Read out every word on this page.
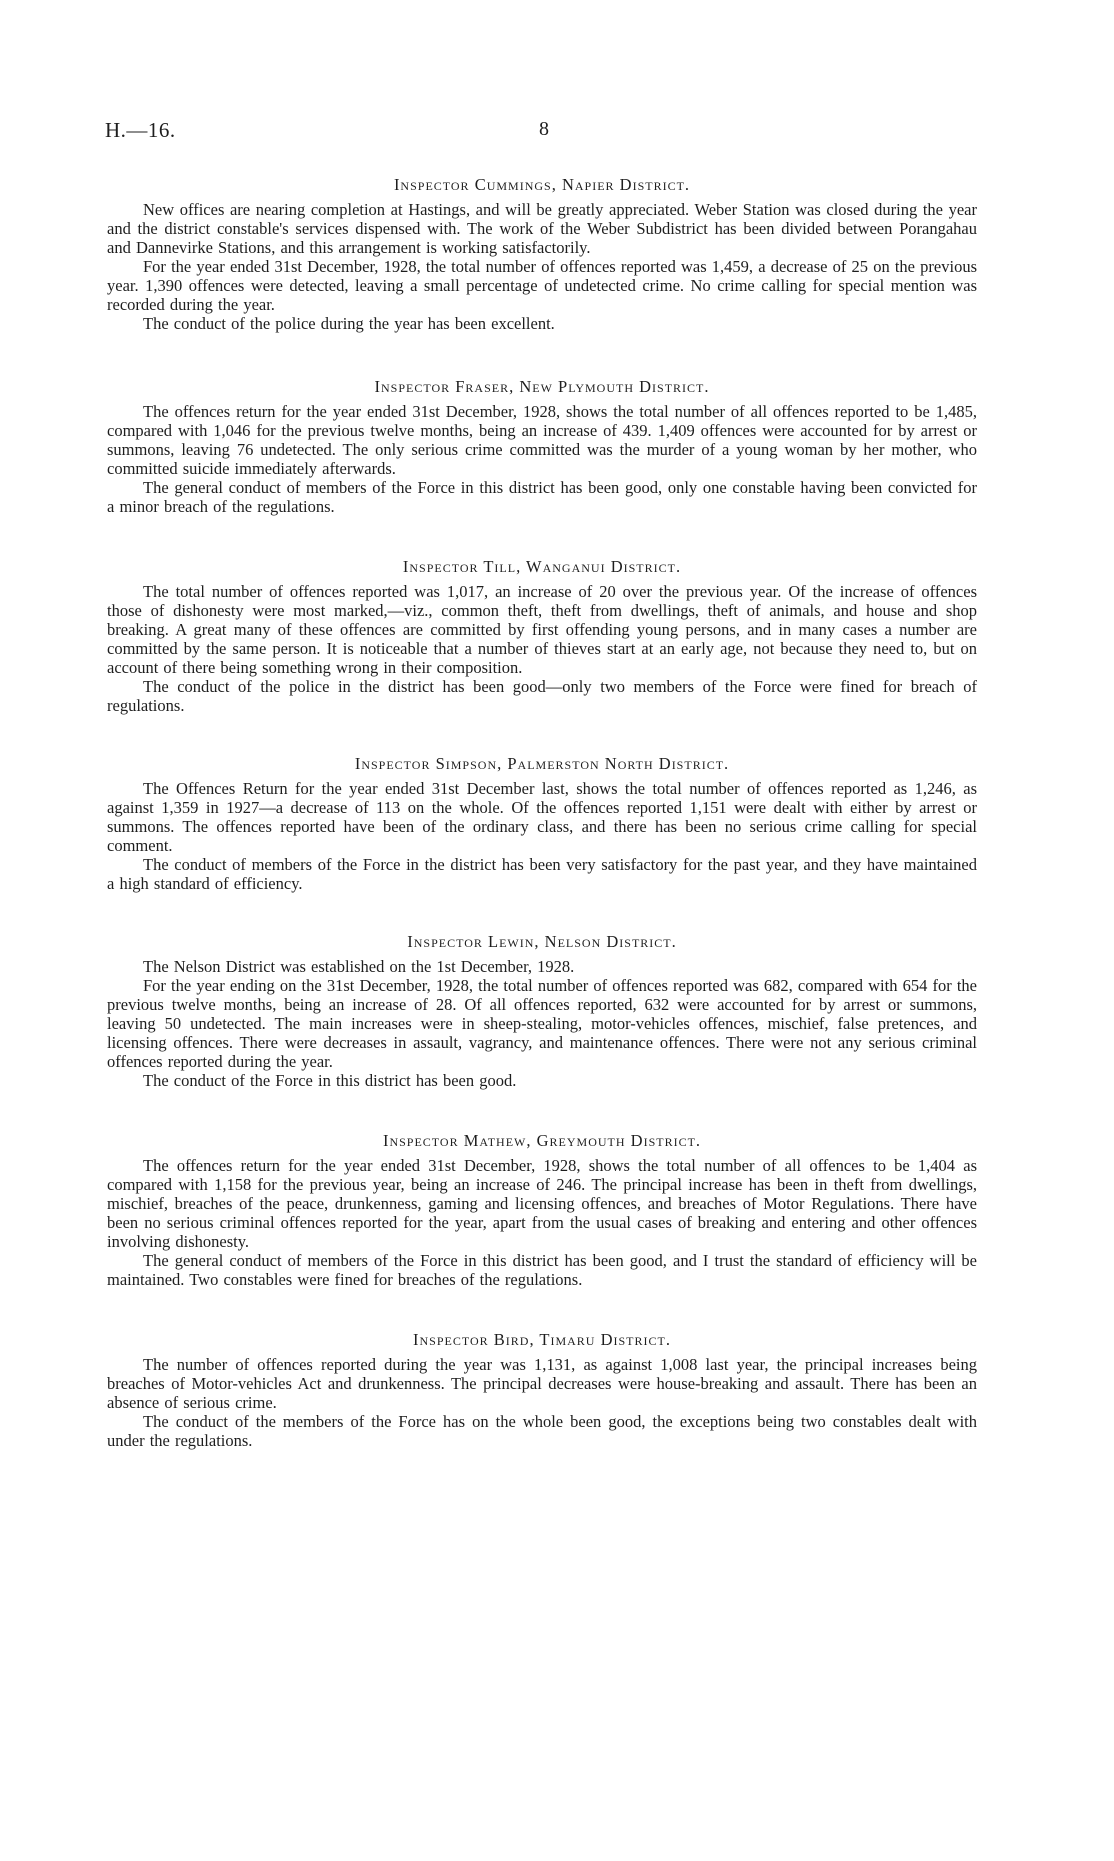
H.—16.	8
Inspector Cummings, Napier District.

New offices are nearing completion at Hastings, and will be greatly appreciated. Weber Station was closed during the year and the district constable's services dispensed with. The work of the Weber Subdistrict has been divided between Porangahau and Dannevirke Stations, and this arrangement is working satisfactorily.

For the year ended 31st December, 1928, the total number of offences reported was 1,459, a decrease of 25 on the previous year. 1,390 offences were detected, leaving a small percentage of undetected crime. No crime calling for special mention was recorded during the year.

The conduct of the police during the year has been excellent.

Inspector Fraser, New Plymouth District.

The offences return for the year ended 31st December, 1928, shows the total number of all offences reported to be 1,485, compared with 1,046 for the previous twelve months, being an increase of 439. 1,409 offences were accounted for by arrest or summons, leaving 76 undetected. The only serious crime committed was the murder of a young woman by her mother, who committed suicide immediately afterwards.

The general conduct of members of the Force in this district has been good, only one constable having been convicted for a minor breach of the regulations.

Inspector Till, Wanganui District.

The total number of offences reported was 1,017, an increase of 20 over the previous year. Of the increase of offences those of dishonesty were most marked,—viz., common theft, theft from dwellings, theft of animals, and house and shop breaking. A great many of these offences are committed by first offending young persons, and in many cases a number are committed by the same person. It is noticeable that a number of thieves start at an early age, not because they need to, but on account of there being something wrong in their composition.

The conduct of the police in the district has been good—only two members of the Force were fined for breach of regulations.

Inspector Simpson, Palmerston North District.

The Offences Return for the year ended 31st December last, shows the total number of offences reported as 1,246, as against 1,359 in 1927—a decrease of 113 on the whole. Of the offences reported 1,151 were dealt with either by arrest or summons. The offences reported have been of the ordinary class, and there has been no serious crime calling for special comment.

The conduct of members of the Force in the district has been very satisfactory for the past year, and they have maintained a high standard of efficiency.

Inspector Lewin, Nelson District.

The Nelson District was established on the 1st December, 1928.

For the year ending on the 31st December, 1928, the total number of offences reported was 682, compared with 654 for the previous twelve months, being an increase of 28. Of all offences reported, 632 were accounted for by arrest or summons, leaving 50 undetected. The main increases were in sheep-stealing, motor-vehicles offences, mischief, false pretences, and licensing offences. There were decreases in assault, vagrancy, and maintenance offences. There were not any serious criminal offences reported during the year.

The conduct of the Force in this district has been good.

Inspector Mathew, Greymouth District.

The offences return for the year ended 31st December, 1928, shows the total number of all offences to be 1,404 as compared with 1,158 for the previous year, being an increase of 246. The principal increase has been in theft from dwellings, mischief, breaches of the peace, drunkenness, gaming and licensing offences, and breaches of Motor Regulations. There have been no serious criminal offences reported for the year, apart from the usual cases of breaking and entering and other offences involving dishonesty.

The general conduct of members of the Force in this district has been good, and I trust the standard of efficiency will be maintained. Two constables were fined for breaches of the regulations.

Inspector Bird, Timaru District.

The number of offences reported during the year was 1,131, as against 1,008 last year, the principal increases being breaches of Motor-vehicles Act and drunkenness. The principal decreases were house-breaking and assault. There has been an absence of serious crime.

The conduct of the members of the Force has on the whole been good, the exceptions being two constables dealt with under the regulations.
